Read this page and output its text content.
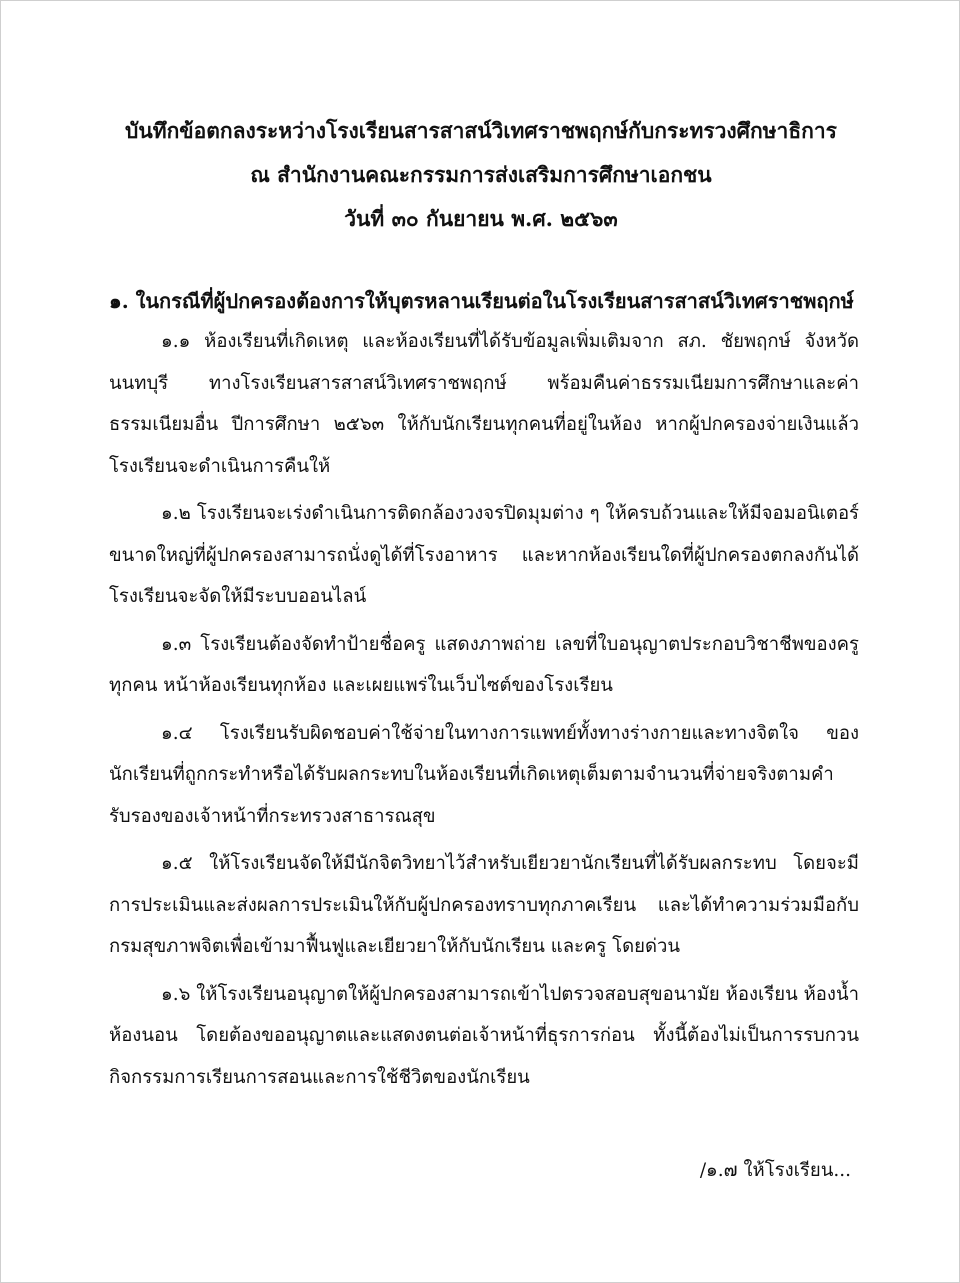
บันทึกข้อตกลงระหว่างโรงเรียนสารสาสน์วิเทศราชพฤกษ์กับกระทรวงศึกษาธิการ
ณ สำนักงานคณะกรรมการส่งเสริมการศึกษาเอกชน
วันที่ ๓๐ กันยายน พ.ศ. ๒๕๖๓
๑. ในกรณีที่ผู้ปกครองต้องการให้บุตรหลานเรียนต่อในโรงเรียนสารสาสน์วิเทศราชพฤกษ์

๑.๑ ห้องเรียนที่เกิดเหตุ และห้องเรียนที่ได้รับข้อมูลเพิ่มเติมจาก สภ. ชัยพฤกษ์ จังหวัดนนทบุรี ทางโรงเรียนสารสาสน์วิเทศราชพฤกษ์ พร้อมคืนค่าธรรมเนียมการศึกษาและค่าธรรมเนียมอื่น ปีการศึกษา ๒๕๖๓ ให้กับนักเรียนทุกคนที่อยู่ในห้อง หากผู้ปกครองจ่ายเงินแล้ว โรงเรียนจะดำเนินการคืนให้

๑.๒ โรงเรียนจะเร่งดำเนินการติดกล้องวงจรปิดมุมต่าง ๆ ให้ครบถ้วนและให้มีจอมอนิเตอร์ขนาดใหญ่ที่ผู้ปกครองสามารถนั่งดูได้ที่โรงอาหาร และหากห้องเรียนใดที่ผู้ปกครองตกลงกันได้ โรงเรียนจะจัดให้มีระบบออนไลน์

๑.๓ โรงเรียนต้องจัดทำป้ายชื่อครู แสดงภาพถ่าย เลขที่ใบอนุญาตประกอบวิชาชีพของครูทุกคน หน้าห้องเรียนทุกห้อง และเผยแพร่ในเว็บไซต์ของโรงเรียน

๑.๔ โรงเรียนรับผิดชอบค่าใช้จ่ายในทางการแพทย์ทั้งทางร่างกายและทางจิตใจ ของนักเรียนที่ถูกกระทำหรือได้รับผลกระทบในห้องเรียนที่เกิดเหตุเต็มตามจำนวนที่จ่ายจริงตามคำรับรองของเจ้าหน้าที่กระทรวงสาธารณสุข

๑.๕ ให้โรงเรียนจัดให้มีนักจิตวิทยาไว้สำหรับเยียวยานักเรียนที่ได้รับผลกระทบ โดยจะมีการประเมินและส่งผลการประเมินให้กับผู้ปกครองทราบทุกภาคเรียน และได้ทำความร่วมมือกับกรมสุขภาพจิตเพื่อเข้ามาฟื้นฟูและเยียวยาให้กับนักเรียน และครู โดยด่วน

๑.๖ ให้โรงเรียนอนุญาตให้ผู้ปกครองสามารถเข้าไปตรวจสอบสุขอนามัย ห้องเรียน ห้องน้ำ ห้องนอน โดยต้องขออนุญาตและแสดงตนต่อเจ้าหน้าที่ธุรการก่อน ทั้งนี้ต้องไม่เป็นการรบกวนกิจกรรมการเรียนการสอนและการใช้ชีวิตของนักเรียน

/๑.๗ ให้โรงเรียน...
